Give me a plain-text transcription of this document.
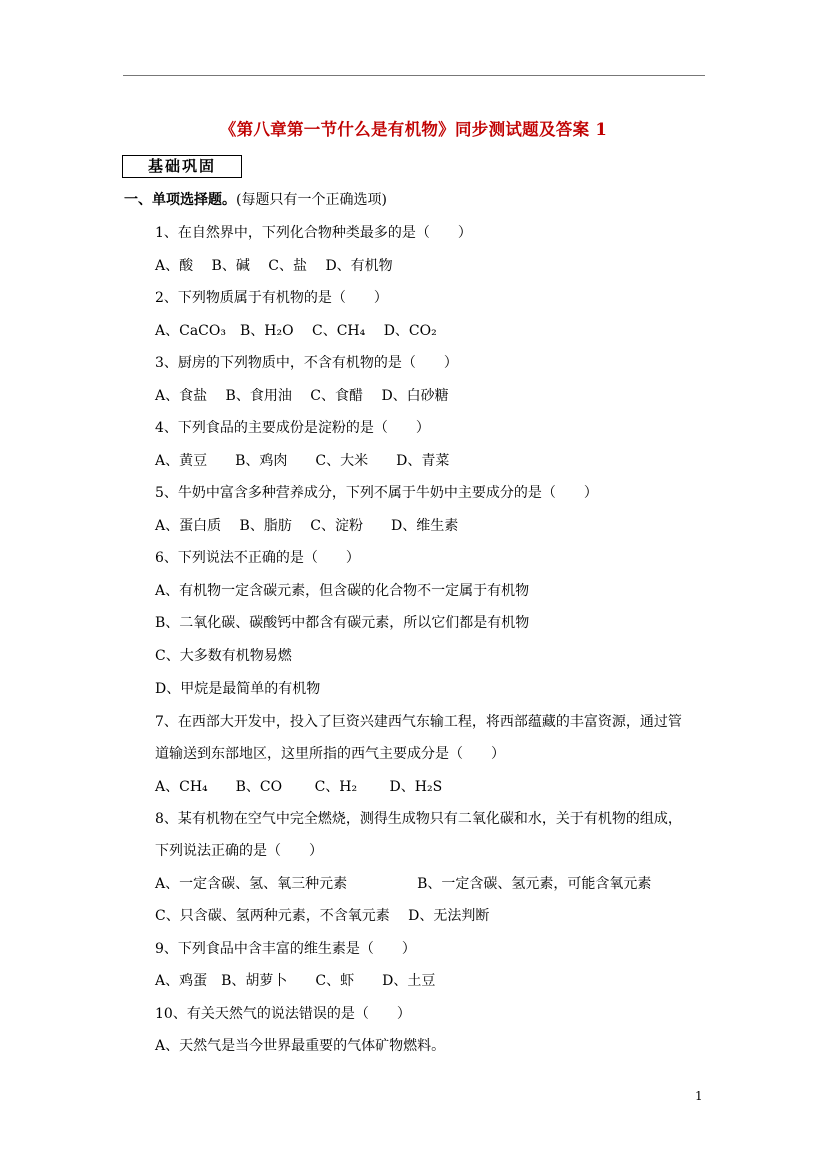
《第八章第一节什么是有机物》同步测试题及答案 1
基础巩固
一、单项选择题。(每题只有一个正确选项)
1、在自然界中，下列化合物种类最多的是（　　）
A、酸　 B、碱　 C、盐　 D、有机物
2、下列物质属于有机物的是（　　）
A、CaCO₃　B、H₂O　 C、CH₄　 D、CO₂
3、厨房的下列物质中，不含有机物的是（　　）
A、食盐　 B、食用油　 C、食醋　 D、白砂糖
4、下列食品的主要成份是淀粉的是（　　）
A、黄豆　　B、鸡肉　　C、大米　　D、青菜
5、牛奶中富含多种营养成分，下列不属于牛奶中主要成分的是（　　）
A、蛋白质　 B、脂肪　 C、淀粉　　D、维生素
6、下列说法不正确的是（　　）
A、有机物一定含碳元素，但含碳的化合物不一定属于有机物
B、二氧化碳、碳酸钙中都含有碳元素，所以它们都是有机物
C、大多数有机物易燃
D、甲烷是最简单的有机物
7、在西部大开发中，投入了巨资兴建西气东输工程，将西部蕴藏的丰富资源，通过管
道输送到东部地区，这里所指的西气主要成分是（　　）
A、CH₄　　B、CO　　 C、H₂　　 D、H₂S
8、某有机物在空气中完全燃烧，测得生成物只有二氧化碳和水，关于有机物的组成，
下列说法正确的是（　　）
A、一定含碳、氢、氧三种元素　　　　　B、一定含碳、氢元素，可能含氧元素
C、只含碳、氢两种元素，不含氧元素　 D、无法判断
9、下列食品中含丰富的维生素是（　　）
A、鸡蛋　B、胡萝卜　　C、虾　　D、土豆
10、有关天然气的说法错误的是（　　）
A、天然气是当今世界最重要的气体矿物燃料。
1
